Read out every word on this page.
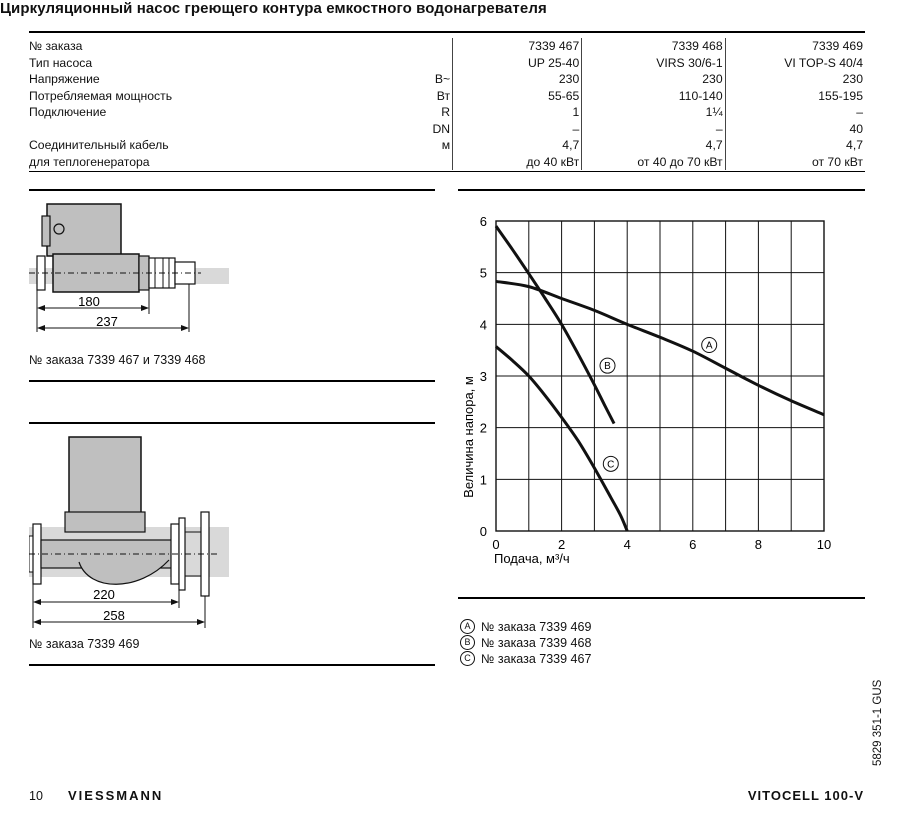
Циркуляционный насос греющего контура емкостного водонагревателя
№ заказа		7339 467	7339 468	7339 469
Тип насоса		UP 25-40	VIRS 30/6-1	VI TOP-S 40/4
Напряжение	В~	230	230	230
Потребляемая мощность	Вт	55-65	110-140	155-195
Подключение	R	1	1¼	–
	DN	–	–	40
Соединительный кабель	м	4,7	4,7	4,7
для теплогенератора		до 40 кВт	от 40 до 70 кВт	от 70 кВт
180
237
№ заказа 7339 467 и 7339 468
220
258
№ заказа 7339 469
0	2	4	6	8	10
0
1
2
3
4
5
6
A
B
C
Подача, м³/ч
Величина напора, м
A № заказа 7339 469
B № заказа 7339 468
C № заказа 7339 467
5829 351-1 GUS
10 VIESSMANN	VITOCELL 100-V
